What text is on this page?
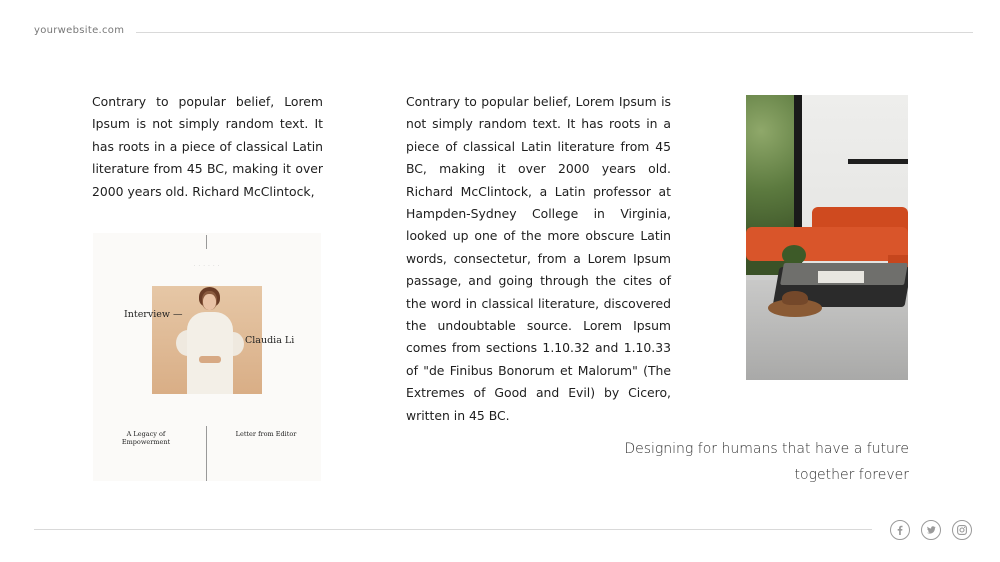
yourwebsite.com

Contrary to popular belief, Lorem Ipsum is not simply random text. It has roots in a piece of classical Latin literature from 45 BC, making it over 2000 years old. Richard McClintock,

Contrary to popular belief, Lorem Ipsum is not simply random text. It has roots in a piece of classical Latin literature from 45 BC, making it over 2000 years old. Richard McClintock, a Latin professor at Hampden-Sydney College in Virginia, looked up one of the more obscure Latin words, consectetur, from a Lorem Ipsum passage, and going through the cites of the word in classical literature, discovered the undoubtable source. Lorem Ipsum comes from sections 1.10.32 and 1.10.33 of "de Finibus Bonorum et Malorum" (The Extremes of Good and Evil) by Cicero, written in 45 BC.

· · · · · ·
Interview —
Claudia Li
A Legacy of Empowerment
Letter from Editor
Designing for humans that have a future
together forever
